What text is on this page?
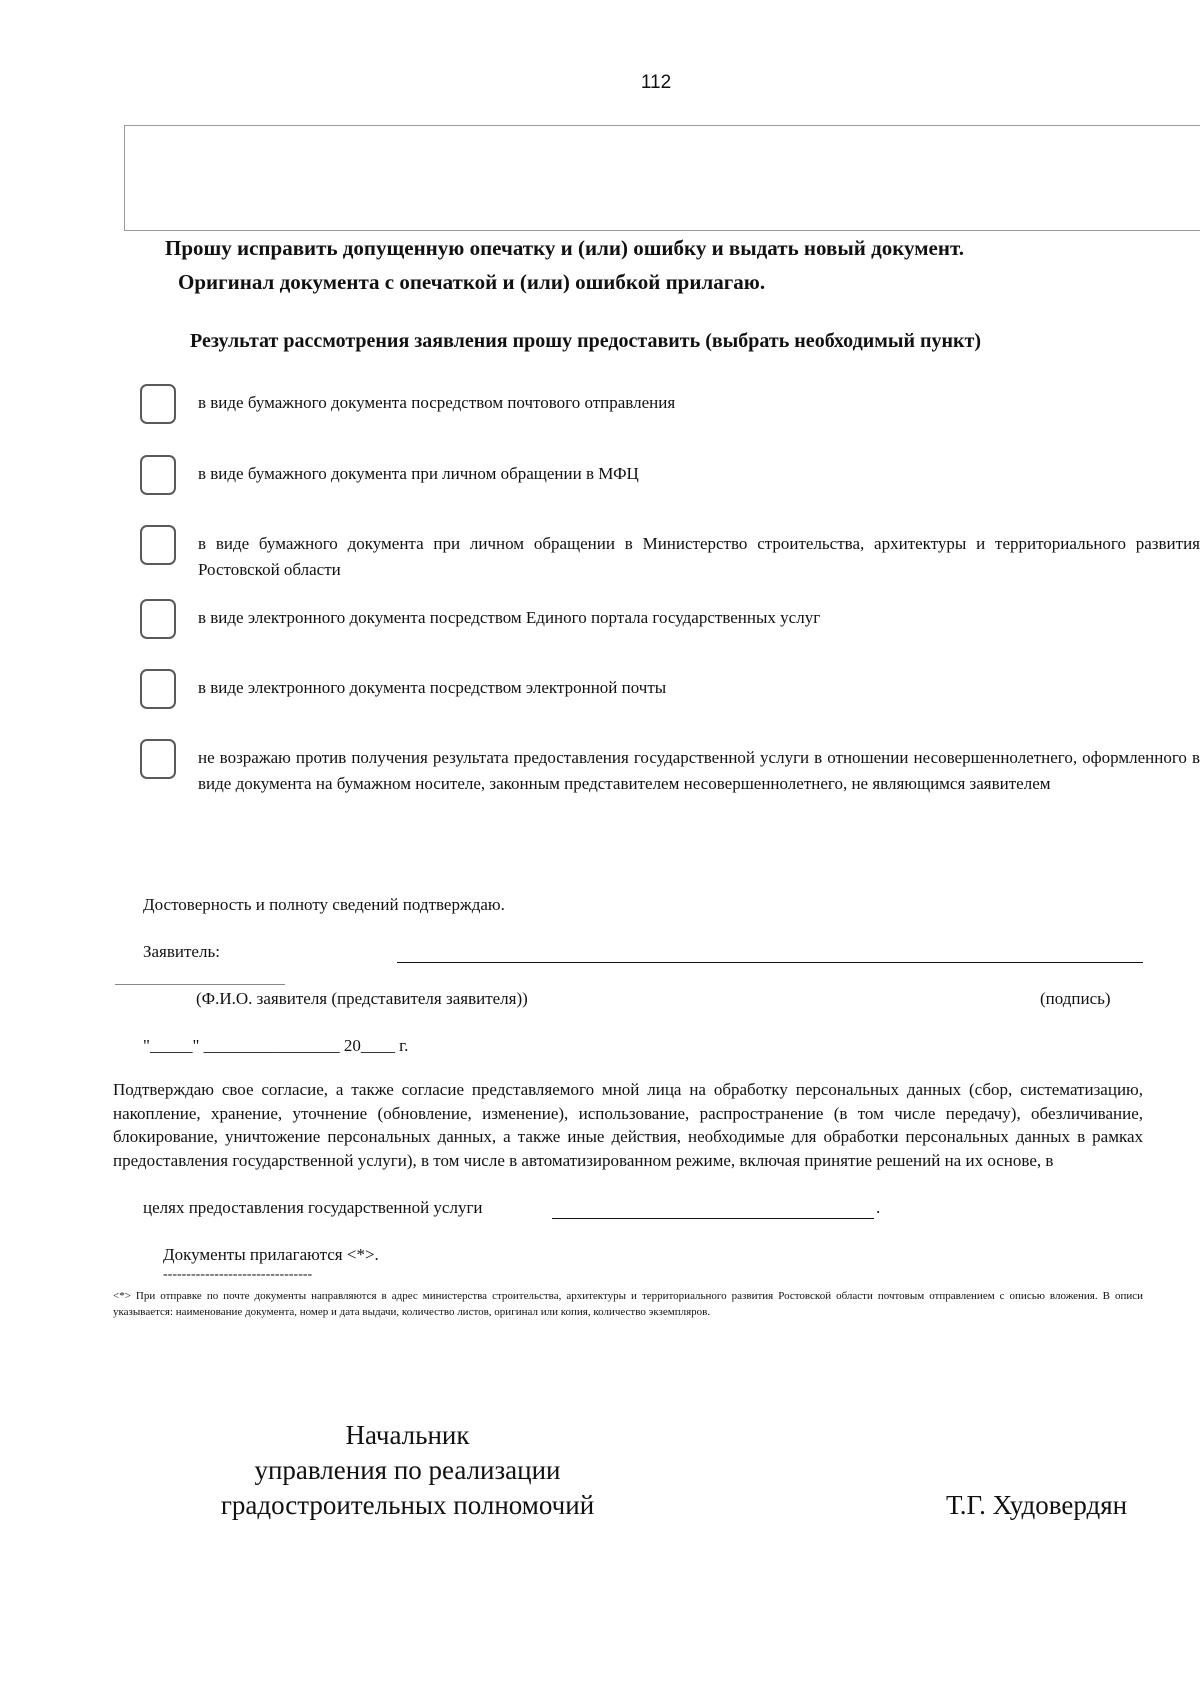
112
Прошу исправить допущенную опечатку и (или) ошибку и выдать новый документ.
Оригинал документа с опечаткой и (или) ошибкой прилагаю.
Результат рассмотрения заявления прошу предоставить (выбрать необходимый пункт)
в виде бумажного документа посредством почтового отправления
в виде бумажного документа при личном обращении в МФЦ
в виде бумажного документа при личном обращении в Министерство строительства, архитектуры и территориального развития Ростовской области
в виде электронного документа посредством Единого портала государственных услуг
в виде электронного документа посредством электронной почты
не возражаю против получения результата предоставления государственной услуги в отношении несовершеннолетнего, оформленного в виде документа на бумажном носителе, законным представителем несовершеннолетнего, не являющимся заявителем
Достоверность и полноту сведений подтверждаю.
Заявитель:
(Ф.И.О. заявителя (представителя заявителя))	(подпись)
"_____" ________________ 20____ г.
Подтверждаю свое согласие, а также согласие представляемого мной лица на обработку персональных данных (сбор, систематизацию, накопление, хранение, уточнение (обновление, изменение), использование, распространение (в том числе передачу), обезличивание, блокирование, уничтожение персональных данных, а также иные действия, необходимые для обработки персональных данных в рамках предоставления государственной услуги), в том числе в автоматизированном режиме, включая принятие решений на их основе, в
целях предоставления государственной услуги	.
Документы прилагаются <*>.
--------------------------------
<*> При отправке по почте документы направляются в адрес министерства строительства, архитектуры и территориального развития Ростовской области почтовым отправлением с описью вложения. В описи указывается: наименование документа, номер и дата выдачи, количество листов, оригинал или копия, количество экземпляров.
Начальник
управления по реализации
градостроительных полномочий	Т.Г. Худовердян
